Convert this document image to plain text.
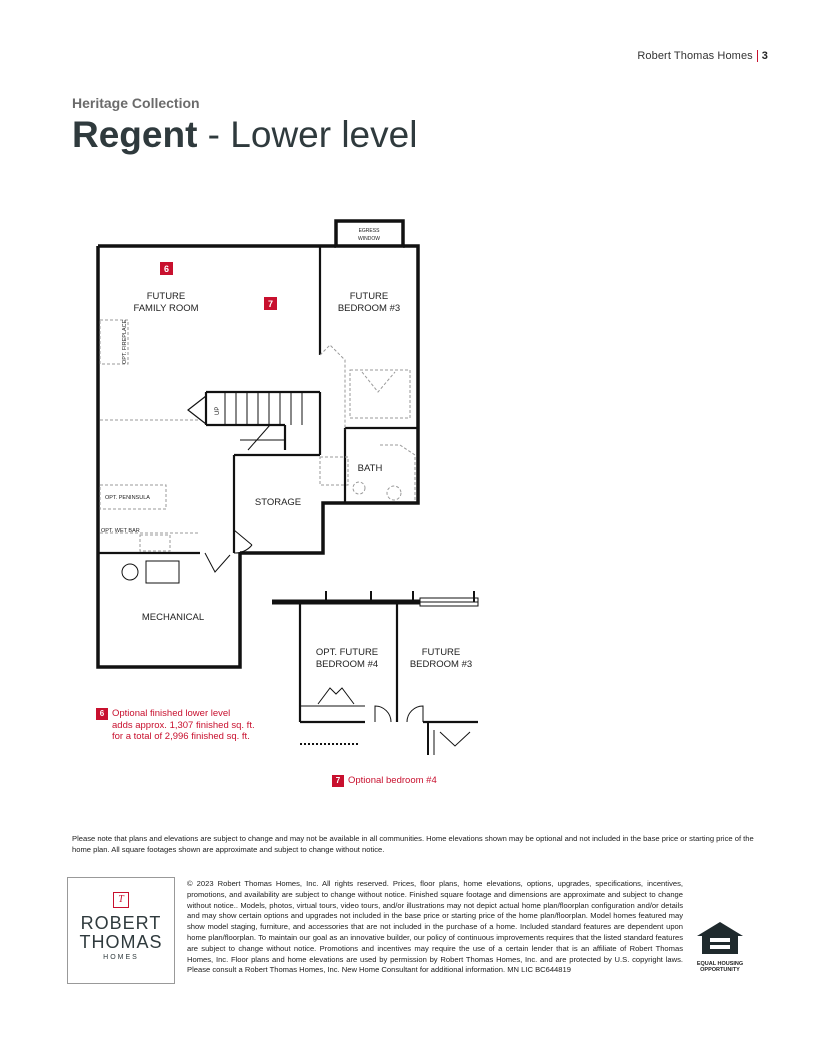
Robert Thomas Homes 3
Heritage Collection
Regent - Lower level
6
7
FUTURE
FAMILY ROOM
FUTURE
BEDROOM #3
BATH
STORAGE
MECHANICAL
EGRESS
WINDOW
OPT. FIREPLACE
UP
OPT. PENINSULA
OPT. WET BAR
OPT. FUTURE
BEDROOM #4
FUTURE
BEDROOM #3
6 Optional finished lower level
adds approx. 1,307 finished sq. ft.
for a total of 2,996 finished sq. ft.
7 Optional bedroom #4
Please note that plans and elevations are subject to change and may not be available in all communities. Home elevations shown may be optional and not included in the base price or starting price of the home plan. All square footages shown are approximate and subject to change without notice.
T
ROBERT
THOMAS
HOMES
© 2023 Robert Thomas Homes, Inc. All rights reserved. Prices, floor plans, home elevations, options, upgrades, specifications, incentives, promotions, and availability are subject to change without notice. Finished square footage and dimensions are approximate and subject to change without notice.. Models, photos, virtual tours, video tours, and/or illustrations may not depict actual home plan/floorplan configuration and/or details and may show certain options and upgrades not included in the base price or starting price of the home plan/floorplan. Model homes featured may show model staging, furniture, and accessories that are not included in the purchase of a home. Included standard features are dependent upon home plan/floorplan. To maintain our goal as an innovative builder, our policy of continuous improvements requires that the listed standard features are subject to change without notice. Promotions and incentives may require the use of a certain lender that is an affiliate of Robert Thomas Homes, Inc. Floor plans and home elevations are used by permission by Robert Thomas Homes, Inc. and are protected by U.S. copyright laws. Please consult a Robert Thomas Homes, Inc. New Home Consultant for additional information. MN LIC BC644819
EQUAL HOUSING
OPPORTUNITY
